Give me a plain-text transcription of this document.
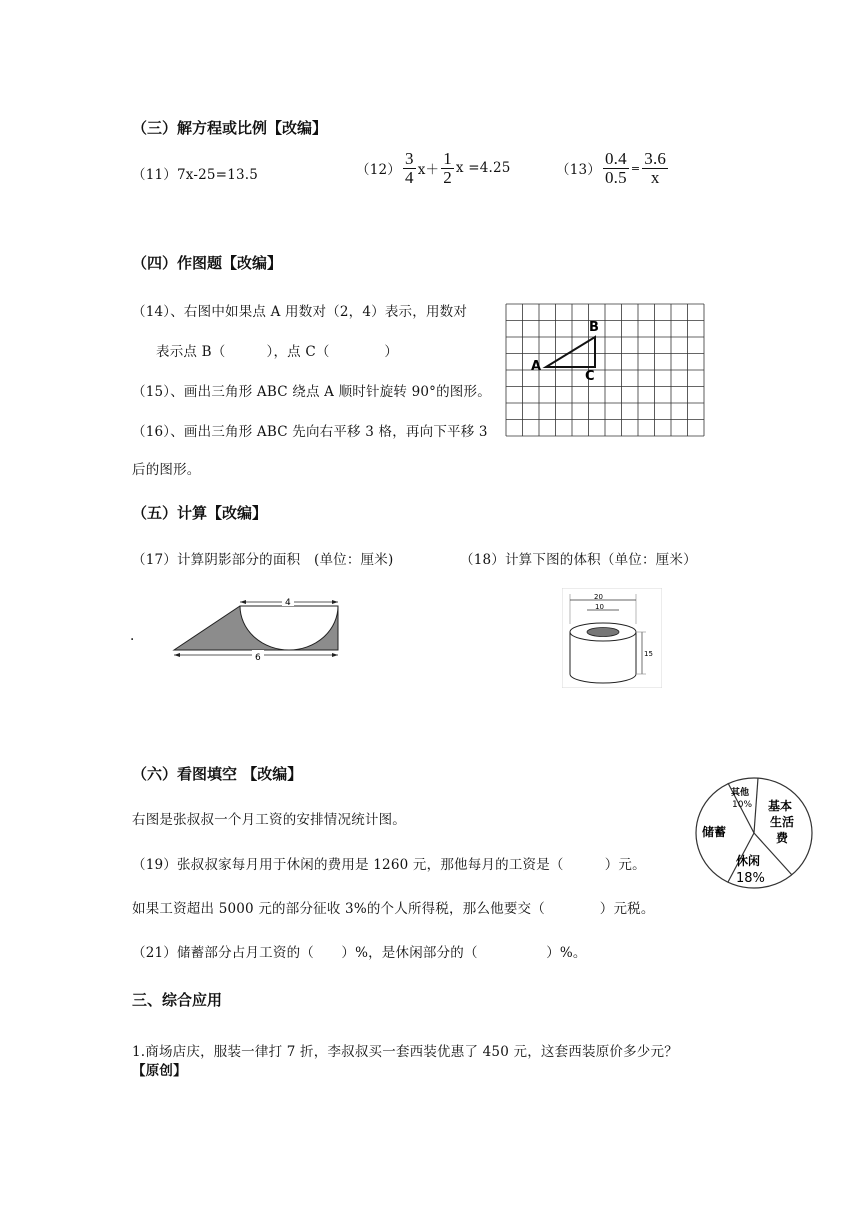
（三）解方程或比例【改编】
（11）7x-25=13.5	$(12) \frac{3}{4} x+ \frac{1}{2}$ x =4.25	$(13) \frac{0.4}{0.5} = \frac{3.6}{x}$
（四）作图题【改编】
（14）、右图中如果点 A 用数对（2，4）表示，用数对
表示点 B（　　　），点 C（　　　　）
（15）、画出三角形 ABC 绕点 A 顺时针旋转 90°的图形。
（16）、画出三角形 ABC 先向右平移 3 格，再向下平移 3
后的图形。
A
B
C
（五）计算【改编】
（17）计算阴影部分的面积　(单位：厘米)	（18）计算下图的体积（单位：厘米）
.
4
6
20
10
15
（六）看图填空 【改编】
右图是张叔叔一个月工资的安排情况统计图。
（19）张叔叔家每月用于休闲的费用是 1260 元，那他每月的工资是（　　　）元。
如果工资超出 5000 元的部分征收 3%的个人所得税，那么他要交（　　　　）元税。
（21）储蓄部分占月工资的（　　）%，是休闲部分的（　　　　　）%。
其他
10% 基本
生活
费
储蓄
休闲
18%
三、综合应用
1.商场店庆，服装一律打 7 折，李叔叔买一套西装优惠了 450 元，这套西装原价多少元？
【原创】
